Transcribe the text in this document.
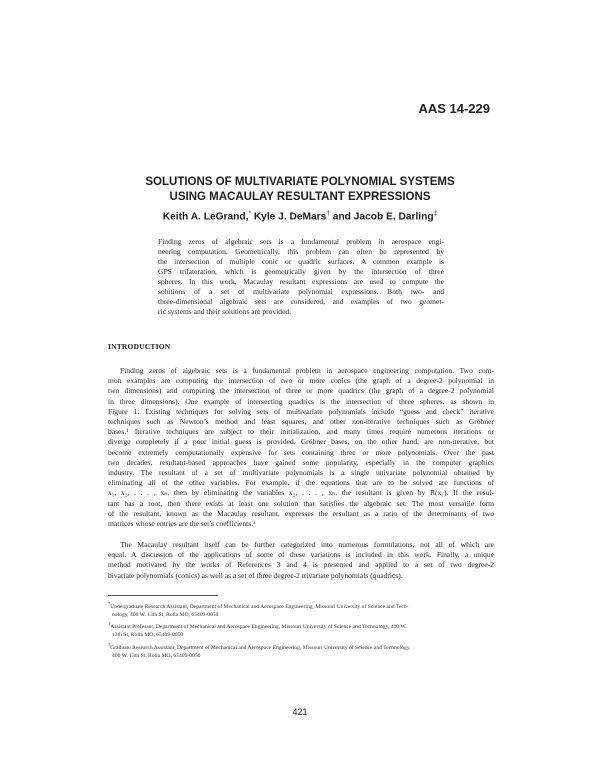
AAS 14-229
SOLUTIONS OF MULTIVARIATE POLYNOMIAL SYSTEMS
USING MACAULAY RESULTANT EXPRESSIONS
Keith A. LeGrand,* Kyle J. DeMars† and Jacob E. Darling‡
Finding zeros of algebraic sets is a fundamental problem in aerospace engi-
neering computation. Geometrically, this problem can often be represented by
the intersection of multiple conic or quadric surfaces. A common example is
GPS trilateration, which is geometrically given by the intersection of three
spheres. In this work, Macaulay resultant expressions are used to compute the
solutions of a set of multivariate polynomial expressions. Both two- and
three-dimensional algebraic sets are considered, and examples of two geomet-
ric systems and their solutions are provided.
INTRODUCTION
Finding zeros of algebraic sets is a fundamental problem in aerospace engineering computation. Two com-
mon examples are computing the intersection of two or more conics (the graph of a degree-2 polynomial in
two dimensions) and computing the intersection of three or more quadrics (the graph of a degree-2 polynomial
in three dimensions). One example of intersecting quadrics is the intersection of three spheres, as shown in
Figure 1. Existing techniques for solving sets of multivariate polynomials include “guess and check” iterative
techniques such as Newton’s method and least squares, and other non-iterative techniques such as Gröbner
bases.¹ Iterative techniques are subject to their initialization, and many times require numerous iterations or
diverge completely if a poor initial guess is provided. Gröbner bases, on the other hand, are non-iterative, but
become extremely computationally expensive for sets containing three or more polynomials. Over the past
two decades, resultant-based approaches have gained some popularity, especially in the computer graphics
industry. The resultant of a set of multivariate polynomials is a single univariate polynomial obtained by
eliminating all of the other variables. For example, if the equations that are to be solved are functions of
x₁, x₂, . . . , xₙ, then by eliminating the variables x₂, . . . , xₙ, the resultant is given by R(x₁). If the resul-
tant has a root, then there exists at least one solution that satisfies the algebraic set. The most versatile form
of the resultant, known as the Macaulay resultant, expresses the resultant as a ratio of the determinants of two
matrices whose entries are the set’s coefficients.²
The Macaulay resultant itself can be further categorized into numerous formulations, not all of which are
equal. A discussion of the applications of some of these variations is included in this work. Finally, a unique
method motivated by the works of References 3 and 4 is presented and applied to a set of two degree-2
bivariate polynomials (conics) as well as a set of three degree-2 trivariate polynomials (quadrics).
*Undergraduate Research Assistant, Department of Mechanical and Aerospace Engineering, Missouri University of Science and Tech-
nology, 400 W. 13th St, Rolla MO, 65409-0050
†Assistant Professor, Department of Mechanical and Aerospace Engineering, Missouri University of Science and Technology, 400 W.
13th St, Rolla MO, 65409-0050
‡Graduate Research Assistant, Department of Mechanical and Aerospace Engineering, Missouri University of Science and Technology,
400 W. 13th St, Rolla MO, 65409-0050
421
